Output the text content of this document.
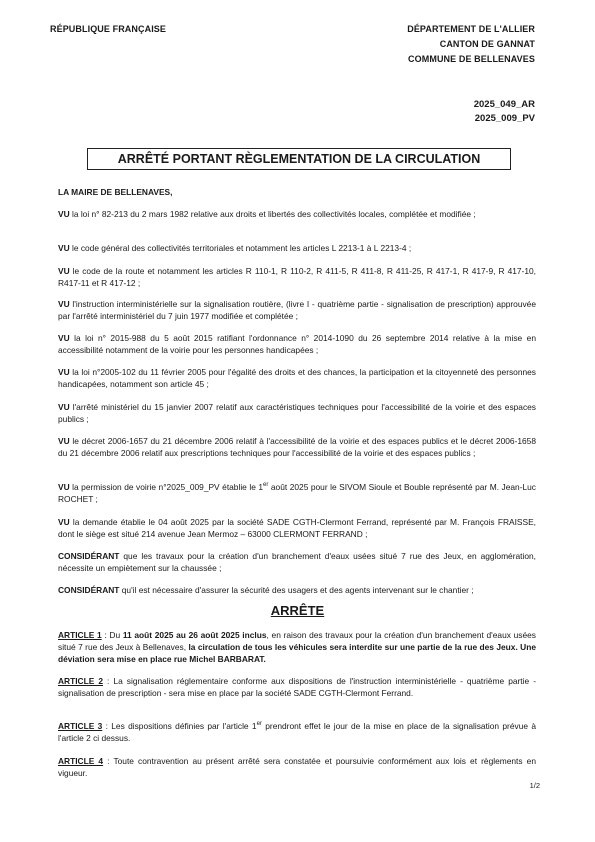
RÉPUBLIQUE FRANÇAISE	DÉPARTEMENT DE L'ALLIER
CANTON DE GANNAT
COMMUNE DE BELLENAVES
2025_049_AR
2025_009_PV
ARRÊTÉ PORTANT RÈGLEMENTATION DE LA CIRCULATION
LA MAIRE DE BELLENAVES,
VU la loi n° 82-213 du 2 mars 1982 relative aux droits et libertés des collectivités locales, complétée et modifiée ;
VU le code général des collectivités territoriales et notamment les articles L 2213-1 à L 2213-4 ;
VU le code de la route et notamment les articles R 110-1, R 110-2, R 411-5, R 411-8, R 411-25, R 417-1, R 417-9, R 417-10, R417-11 et R 417-12 ;
VU l'instruction interministérielle sur la signalisation routière, (livre I - quatrième partie - signalisation de prescription) approuvée par l'arrêté interministériel du 7 juin 1977 modifiée et complétée ;
VU la loi n° 2015-988 du 5 août 2015 ratifiant l'ordonnance n° 2014-1090 du 26 septembre 2014 relative à la mise en accessibilité notamment de la voirie pour les personnes handicapées ;
VU la loi n°2005-102 du 11 février 2005 pour l'égalité des droits et des chances, la participation et la citoyenneté des personnes handicapées, notamment son article 45 ;
VU l'arrêté ministériel du 15 janvier 2007 relatif aux caractéristiques techniques pour l'accessibilité de la voirie et des espaces publics ;
VU le décret 2006-1657 du 21 décembre 2006 relatif à l'accessibilité de la voirie et des espaces publics et le décret 2006-1658 du 21 décembre 2006 relatif aux prescriptions techniques pour l'accessibilité de la voirie et des espaces publics ;
VU la permission de voirie n°2025_009_PV établie le 1er août 2025 pour le SIVOM Sioule et Bouble représenté par M. Jean-Luc ROCHET ;
VU la demande établie le 04 août 2025 par la société SADE CGTH-Clermont Ferrand, représenté par M. François FRAISSE, dont le siège est situé 214 avenue Jean Mermoz – 63000 CLERMONT FERRAND ;
CONSIDÉRANT que les travaux pour la création d'un branchement d'eaux usées situé 7 rue des Jeux, en agglomération, nécessite un empiètement sur la chaussée ;
CONSIDÉRANT qu'il est nécessaire d'assurer la sécurité des usagers et des agents intervenant sur le chantier ;
ARRÊTE
ARTICLE 1 : Du 11 août 2025 au 26 août 2025 inclus, en raison des travaux pour la création d'un branchement d'eaux usées situé 7 rue des Jeux à Bellenaves, la circulation de tous les véhicules sera interdite sur une partie de la rue des Jeux. Une déviation sera mise en place rue Michel BARBARAT.
ARTICLE 2 : La signalisation réglementaire conforme aux dispositions de l'instruction interministérielle - quatrième partie - signalisation de prescription - sera mise en place par la société SADE CGTH-Clermont Ferrand.
ARTICLE 3 : Les dispositions définies par l'article 1er prendront effet le jour de la mise en place de la signalisation prévue à l'article 2 ci dessus.
ARTICLE 4 : Toute contravention au présent arrêté sera constatée et poursuivie conformément aux lois et règlements en vigueur.
1/2
